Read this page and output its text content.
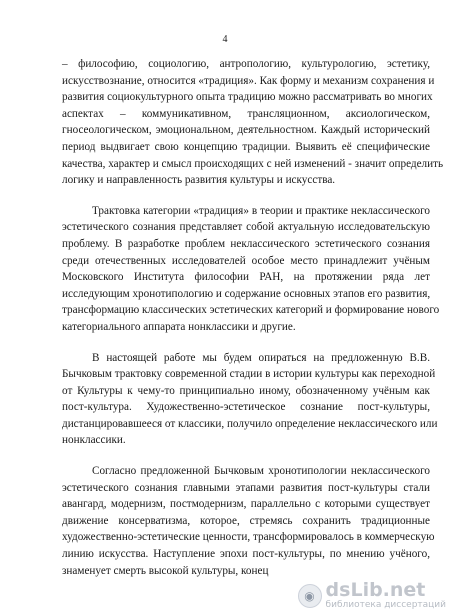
4
– философию, социологию, антропологию, культурологию, эстетику,
искусствознание, относится «традиция». Как форму и механизм сохранения и
развития социокультурного опыта традицию можно рассматривать во многих
аспектах – коммуникативном, трансляционном, аксиологическом,
гносеологическом, эмоциональном, деятельностном. Каждый исторический
период выдвигает свою концепцию традиции. Выявить её специфические
качества, характер и смысл происходящих с ней изменений - значит определить
логику и направленность развития культуры и искусства.
Трактовка категории «традиция» в теории и практике неклассического
эстетического сознания представляет собой актуальную исследовательскую
проблему. В разработке проблем неклассического эстетического сознания
среди отечественных исследователей особое место принадлежит учёным
Московского Института философии РАН, на протяжении ряда лет
исследующим хронотипологию и содержание основных этапов его развития,
трансформацию классических эстетических категорий и формирование нового
категориального аппарата нонклассики и другие.
В настоящей работе мы будем опираться на предложенную В.В.
Бычковым трактовку современной стадии в истории культуры как переходной
от Культуры к чему-то принципиально иному, обозначенному учёным как
пост-культура. Художественно-эстетическое сознание пост-культуры,
дистанцировавшееся от классики, получило определение неклассического или
нонклассики.
Согласно предложенной Бычковым хронотипологии неклассического
эстетического сознания главными этапами развития пост-культуры стали
авангард, модернизм, постмодернизм, параллельно с которыми существует
движение консерватизма, которое, стремясь сохранить традиционные
художественно-эстетические ценности, трансформировалось в коммерческую
линию искусства. Наступление эпохи пост-культуры, по мнению учёного,
знаменует смерть высокой культуры, конец
◉ dsLib.net
библиотека диссертаций
